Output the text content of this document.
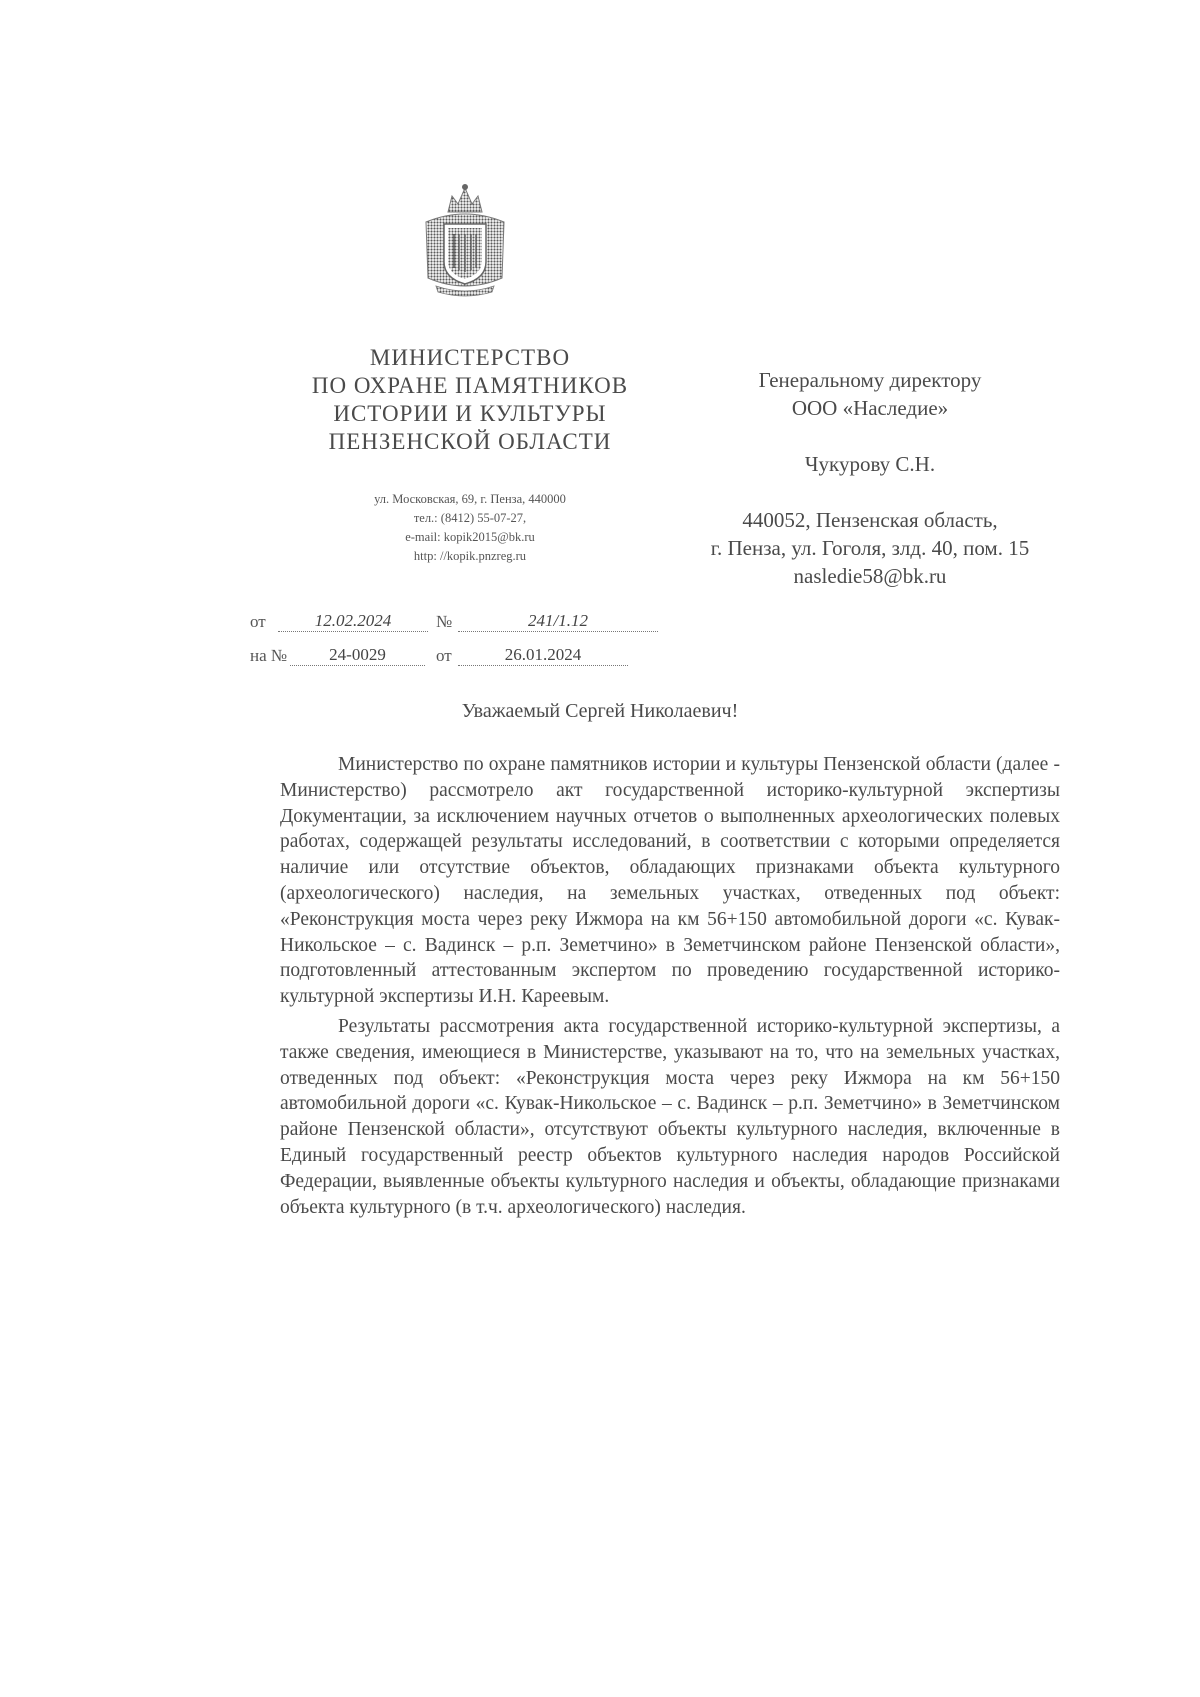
МИНИСТЕРСТВО
ПО ОХРАНЕ ПАМЯТНИКОВ
ИСТОРИИ И КУЛЬТУРЫ
ПЕНЗЕНСКОЙ ОБЛАСТИ
ул. Московская, 69, г. Пенза, 440000
тел.: (8412) 55-07-27,
e-mail: kopik2015@bk.ru
http: //kopik.pnzreg.ru
Генеральному директору
ООО «Наследие»
Чукурову С.Н.
440052, Пензенская область,
г. Пенза, ул. Гоголя, злд. 40, пом. 15
nasledie58@bk.ru
от	12.02.2024	№	241/1.12
на №	24-0029	от	26.01.2024
Уважаемый Сергей Николаевич!

Министерство по охране памятников истории и культуры Пензенской области (далее - Министерство) рассмотрело акт государственной историко-культурной экспертизы Документации, за исключением научных отчетов о выполненных археологических полевых работах, содержащей результаты исследований, в соответствии с которыми определяется наличие или отсутствие объектов, обладающих признаками объекта культурного (археологического) наследия, на земельных участках, отведенных под объект: «Реконструкция моста через реку Ижмора на км 56+150 автомобильной дороги «с. Кувак-Никольское – с. Вадинск – р.п. Земетчино» в Земетчинском районе Пензенской области», подготовленный аттестованным экспертом по проведению государственной историко-культурной экспертизы И.Н. Кареевым.

Результаты рассмотрения акта государственной историко-культурной экспертизы, а также сведения, имеющиеся в Министерстве, указывают на то, что на земельных участках, отведенных под объект: «Реконструкция моста через реку Ижмора на км 56+150 автомобильной дороги «с. Кувак-Никольское – с. Вадинск – р.п. Земетчино» в Земетчинском районе Пензенской области», отсутствуют объекты культурного наследия, включенные в Единый государственный реестр объектов культурного наследия народов Российской Федерации, выявленные объекты культурного наследия и объекты, обладающие признаками объекта культурного (в т.ч. археологического) наследия.
